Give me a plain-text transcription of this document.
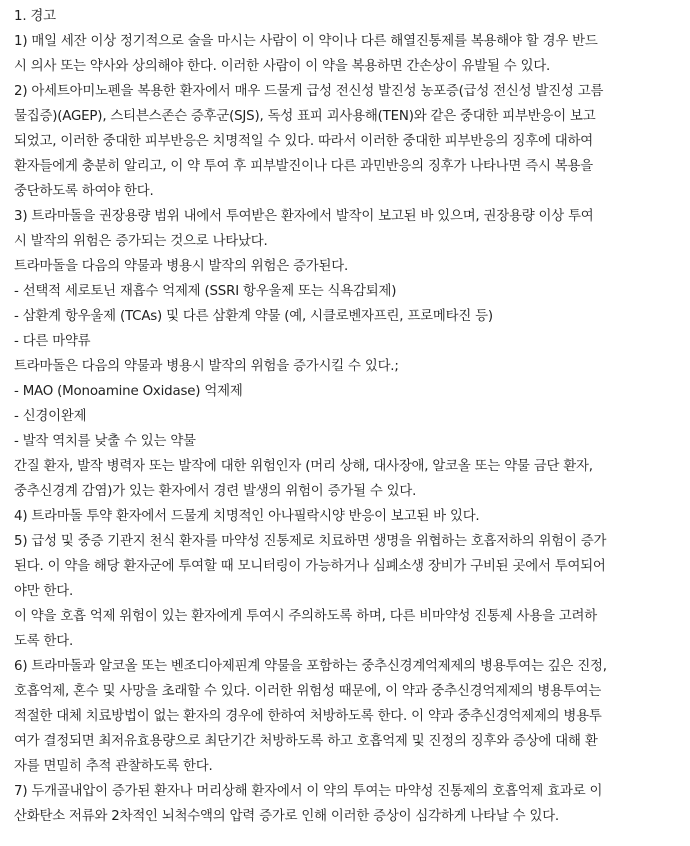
1. 경고
1) 매일 세잔 이상 정기적으로 술을 마시는 사람이 이 약이나 다른 해열진통제를 복용해야 할 경우 반드
시 의사 또는 약사와 상의해야 한다. 이러한 사람이 이 약을 복용하면 간손상이 유발될 수 있다.
2) 아세트아미노펜을 복용한 환자에서 매우 드물게 급성 전신성 발진성 농포증(급성 전신성 발진성 고름
물집증)(AGEP), 스티븐스존슨 증후군(SJS), 독성 표피 괴사용해(TEN)와 같은 중대한 피부반응이 보고
되었고, 이러한 중대한 피부반응은 치명적일 수 있다. 따라서 이러한 중대한 피부반응의 징후에 대하여
환자들에게 충분히 알리고, 이 약 투여 후 피부발진이나 다른 과민반응의 징후가 나타나면 즉시 복용을
중단하도록 하여야 한다.
3) 트라마돌을 권장용량 범위 내에서 투여받은 환자에서 발작이 보고된 바 있으며, 권장용량 이상 투여
시 발작의 위험은 증가되는 것으로 나타났다.
트라마돌을 다음의 약물과 병용시 발작의 위험은 증가된다.
- 선택적 세로토닌 재흡수 억제제 (SSRI 항우울제 또는 식욕감퇴제)
- 삼환계 항우울제 (TCAs) 및 다른 삼환계 약물 (예, 시클로벤자프린, 프로메타진 등)
- 다른 마약류
트라마돌은 다음의 약물과 병용시 발작의 위험을 증가시킬 수 있다.;
- MAO (Monoamine Oxidase) 억제제
- 신경이완제
- 발작 역치를 낮출 수 있는 약물
간질 환자, 발작 병력자 또는 발작에 대한 위험인자 (머리 상해, 대사장애, 알코올 또는 약물 금단 환자,
중추신경계 감염)가 있는 환자에서 경련 발생의 위험이 증가될 수 있다.
4) 트라마돌 투약 환자에서 드물게 치명적인 아나필락시양 반응이 보고된 바 있다.
5) 급성 및 중증 기관지 천식 환자를 마약성 진통제로 치료하면 생명을 위협하는 호흡저하의 위험이 증가
된다. 이 약을 해당 환자군에 투여할 때 모니터링이 가능하거나 심폐소생 장비가 구비된 곳에서 투여되어
야만 한다.
이 약을 호흡 억제 위험이 있는 환자에게 투여시 주의하도록 하며, 다른 비마약성 진통제 사용을 고려하
도록 한다.
6) 트라마돌과 알코올 또는 벤조디아제핀계 약물을 포함하는 중추신경계억제제의 병용투여는 깊은 진정,
호흡억제, 혼수 및 사망을 초래할 수 있다. 이러한 위험성 때문에, 이 약과 중추신경억제제의 병용투여는
적절한 대체 치료방법이 없는 환자의 경우에 한하여 처방하도록 한다. 이 약과 중추신경억제제의 병용투
여가 결정되면 최저유효용량으로 최단기간 처방하도록 하고 호흡억제 및 진정의 징후와 증상에 대해 환
자를 면밀히 추적 관찰하도록 한다.
7) 두개골내압이 증가된 환자나 머리상해 환자에서 이 약의 투여는 마약성 진통제의 호흡억제 효과로 이
산화탄소 저류와 2차적인 뇌척수액의 압력 증가로 인해 이러한 증상이 심각하게 나타날 수 있다.
